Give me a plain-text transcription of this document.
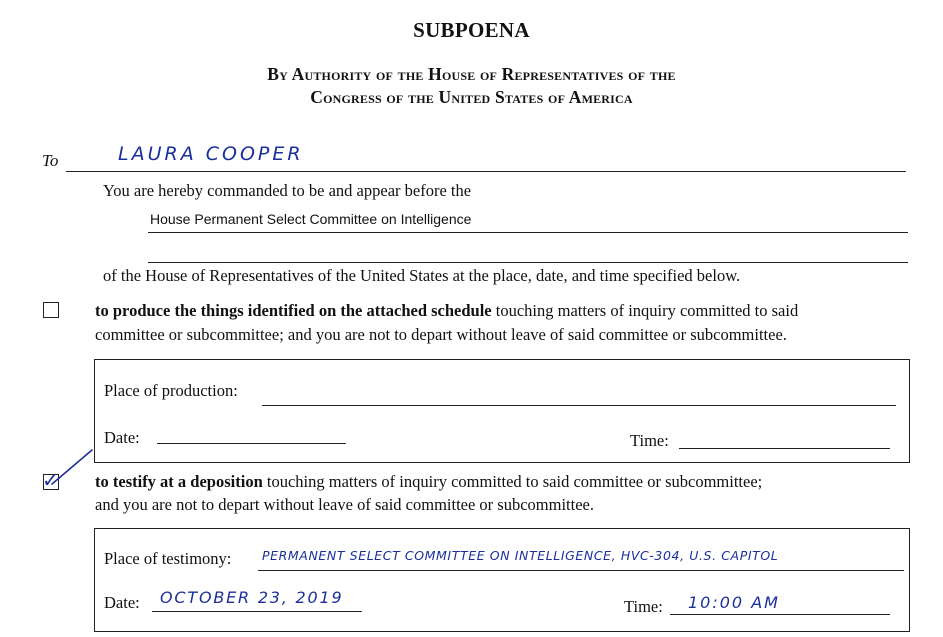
SUBPOENA
By Authority of the House of Representatives of the
Congress of the United States of America
To	LAURA COOPER
You are hereby commanded to be and appear before the
House Permanent Select Committee on Intelligence
of the House of Representatives of the United States at the place, date, and time specified below.
to produce the things identified on the attached schedule touching matters of inquiry committed to said
committee or subcommittee; and you are not to depart without leave of said committee or subcommittee.
Place of production:
Date:	Time:
✓ to testify at a deposition touching matters of inquiry committed to said committee or subcommittee;
and you are not to depart without leave of said committee or subcommittee.
Place of testimony: PERMANENT SELECT COMMITTEE ON INTELLIGENCE, HVC-304, U.S. CAPITOL
Date: OCTOBER 23, 2019	Time: 10:00 AM
